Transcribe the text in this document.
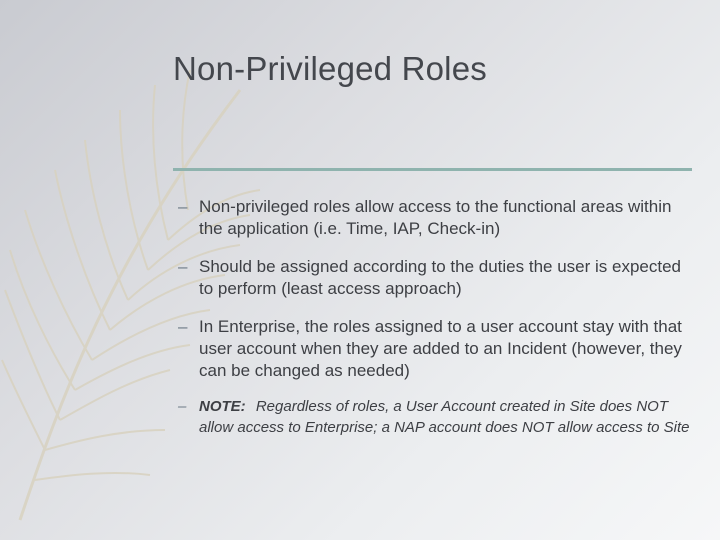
Non-Privileged Roles
– Non-privileged roles allow access to the functional areas within the application (i.e. Time, IAP, Check-in)
– Should be assigned according to the duties the user is expected to perform (least access approach)
– In Enterprise, the roles assigned to a user account stay with that user account when they are added to an Incident (however, they can be changed as needed)
– NOTE: Regardless of roles, a User Account created in Site does NOT allow access to Enterprise; a NAP account does NOT allow access to Site
